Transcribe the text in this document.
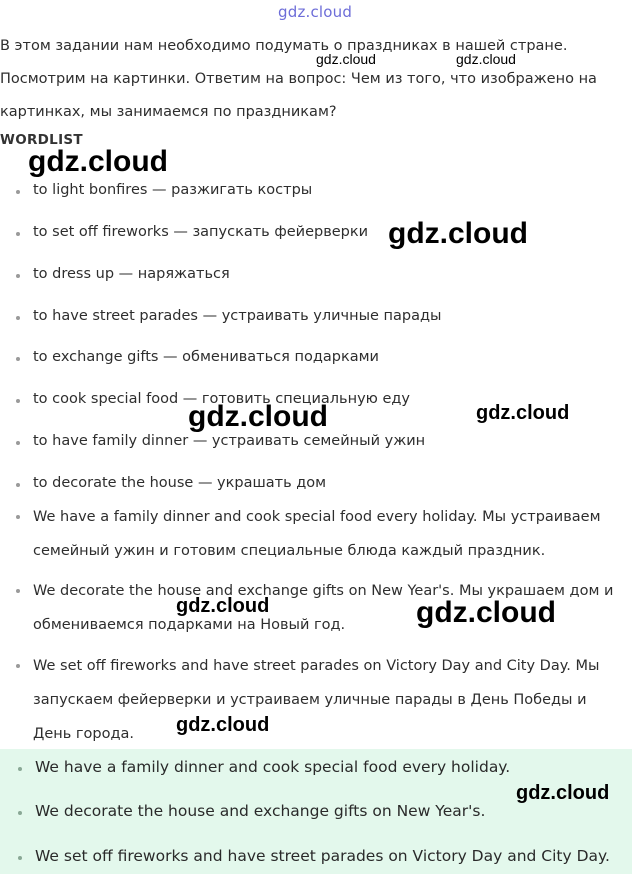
gdz.cloud
В этом задании нам необходимо подумать о праздниках в нашей стране. Посмотрим на картинки. Ответим на вопрос: Чем из того, что изображено на картинках, мы занимаемся по праздникам?
WORDLIST
to light bonfires — разжигать костры
to set off fireworks — запускать фейерверки
to dress up — наряжаться
to have street parades — устраивать уличные парады
to exchange gifts — обмениваться подарками
to cook special food — готовить специальную еду
to have family dinner — устраивать семейный ужин
to decorate the house — украшать дом
We have a family dinner and cook special food every holiday. Мы устраиваем семейный ужин и готовим специальные блюда каждый праздник.
We decorate the house and exchange gifts on New Year's. Мы украшаем дом и обмениваемся подарками на Новый год.
We set off fireworks and have street parades on Victory Day and City Day. Мы запускаем фейерверки и устраиваем уличные парады в День Победы и День города.
We have a family dinner and cook special food every holiday.
We decorate the house and exchange gifts on New Year's.
We set off fireworks and have street parades on Victory Day and City Day.
gdz.cloud	gdz.cloud
gdz.cloud
gdz.cloud
gdz.cloud	gdz.cloud
gdz.cloud	gdz.cloud
gdz.cloud
gdz.cloud
